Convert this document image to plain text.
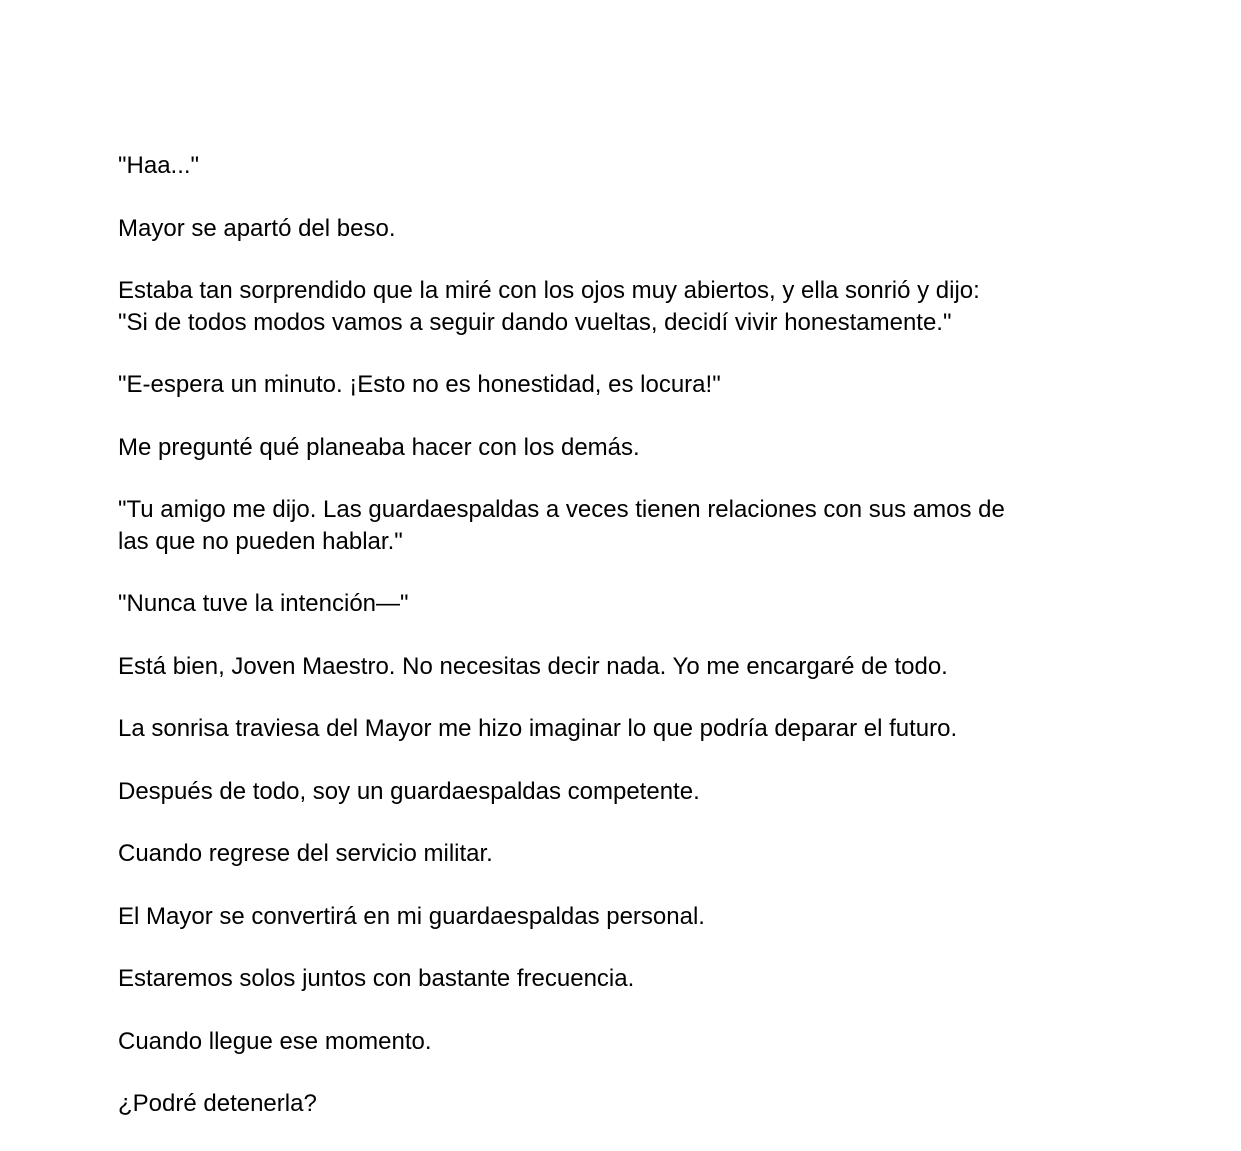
"Haa..."

Mayor se apartó del beso.

Estaba tan sorprendido que la miré con los ojos muy abiertos, y ella sonrió y dijo:
"Si de todos modos vamos a seguir dando vueltas, decidí vivir honestamente."

"E-espera un minuto. ¡Esto no es honestidad, es locura!"

Me pregunté qué planeaba hacer con los demás.

"Tu amigo me dijo. Las guardaespaldas a veces tienen relaciones con sus amos de
las que no pueden hablar."

"Nunca tuve la intención—"

Está bien, Joven Maestro. No necesitas decir nada. Yo me encargaré de todo.

La sonrisa traviesa del Mayor me hizo imaginar lo que podría deparar el futuro.

Después de todo, soy un guardaespaldas competente.

Cuando regrese del servicio militar.

El Mayor se convertirá en mi guardaespaldas personal.

Estaremos solos juntos con bastante frecuencia.

Cuando llegue ese momento.

¿Podré detenerla?
